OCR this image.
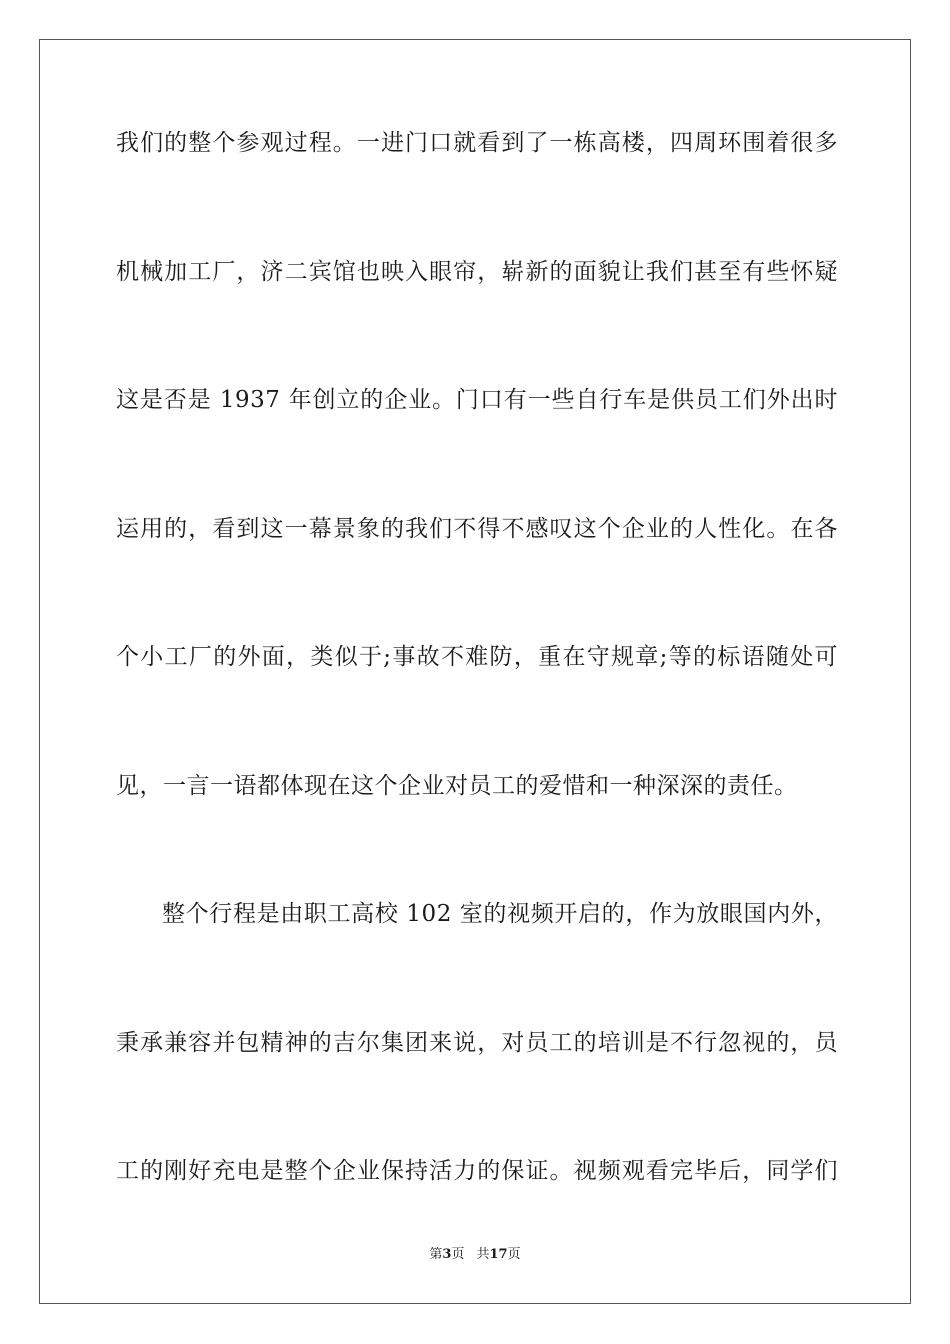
我们的整个参观过程。一进门口就看到了一栋高楼，四周环围着很多
机械加工厂，济二宾馆也映入眼帘，崭新的面貌让我们甚至有些怀疑
这是否是 1937 年创立的企业。门口有一些自行车是供员工们外出时
运用的，看到这一幕景象的我们不得不感叹这个企业的人性化。在各
个小工厂的外面，类似于;事故不难防，重在守规章;等的标语随处可
见，一言一语都体现在这个企业对员工的爱惜和一种深深的责任。
整个行程是由职工高校 102 室的视频开启的，作为放眼国内外，
秉承兼容并包精神的吉尔集团来说，对员工的培训是不行忽视的，员
工的刚好充电是整个企业保持活力的保证。视频观看完毕后，同学们
第3页 共17页
